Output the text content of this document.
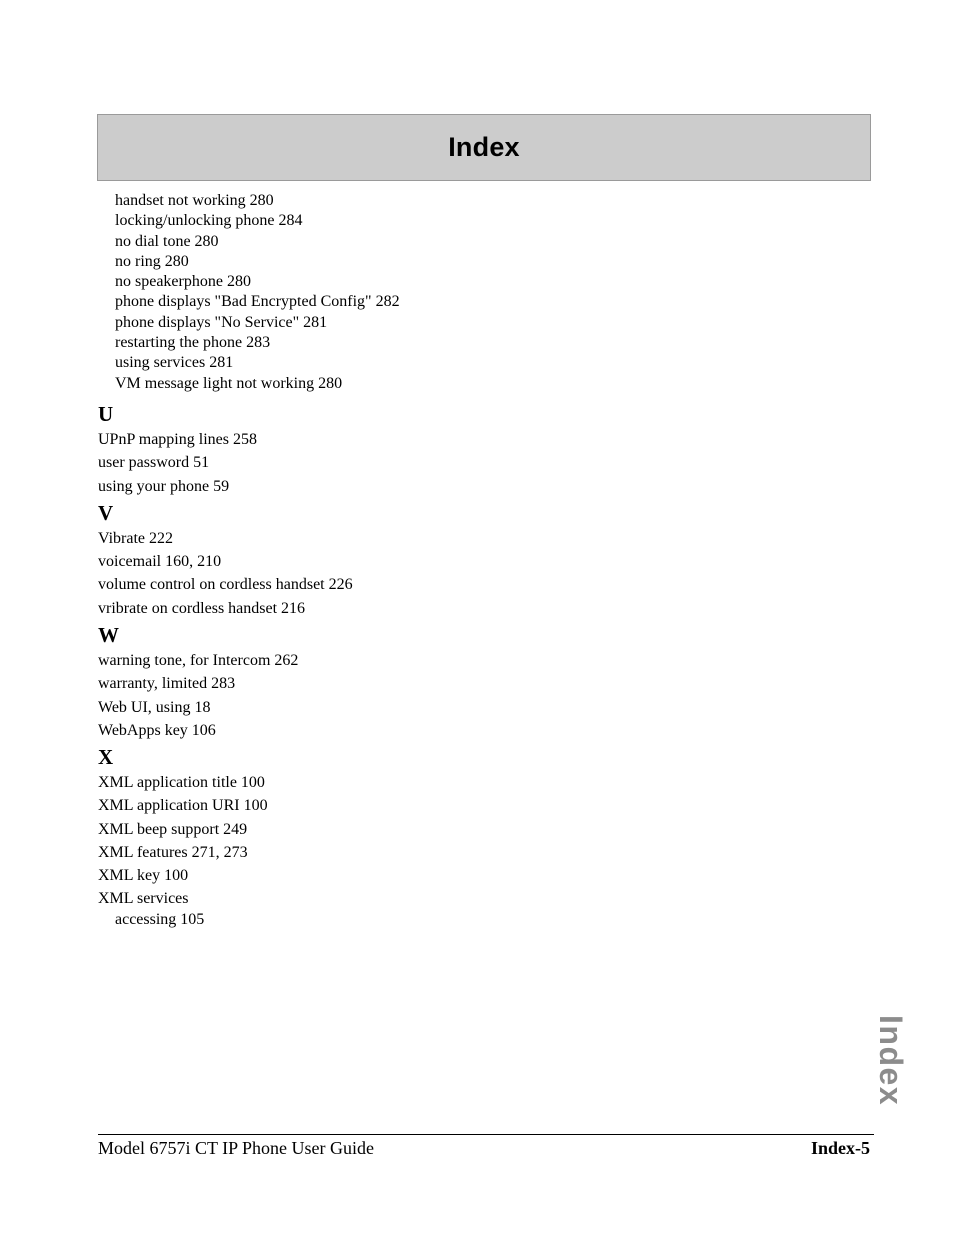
Index
handset not working 280
locking/unlocking phone 284
no dial tone 280
no ring 280
no speakerphone 280
phone displays "Bad Encrypted Config" 282
phone displays "No Service" 281
restarting the phone 283
using services 281
VM message light not working 280
U
UPnP mapping lines 258
user password 51
using your phone 59
V
Vibrate 222
voicemail 160, 210
volume control on cordless handset 226
vribrate on cordless handset 216
W
warning tone, for Intercom 262
warranty, limited 283
Web UI, using 18
WebApps key 106
X
XML application title 100
XML application URI 100
XML beep support 249
XML features 271, 273
XML key 100
XML services
accessing 105
Index
Model 6757i CT IP Phone User Guide	Index-5
